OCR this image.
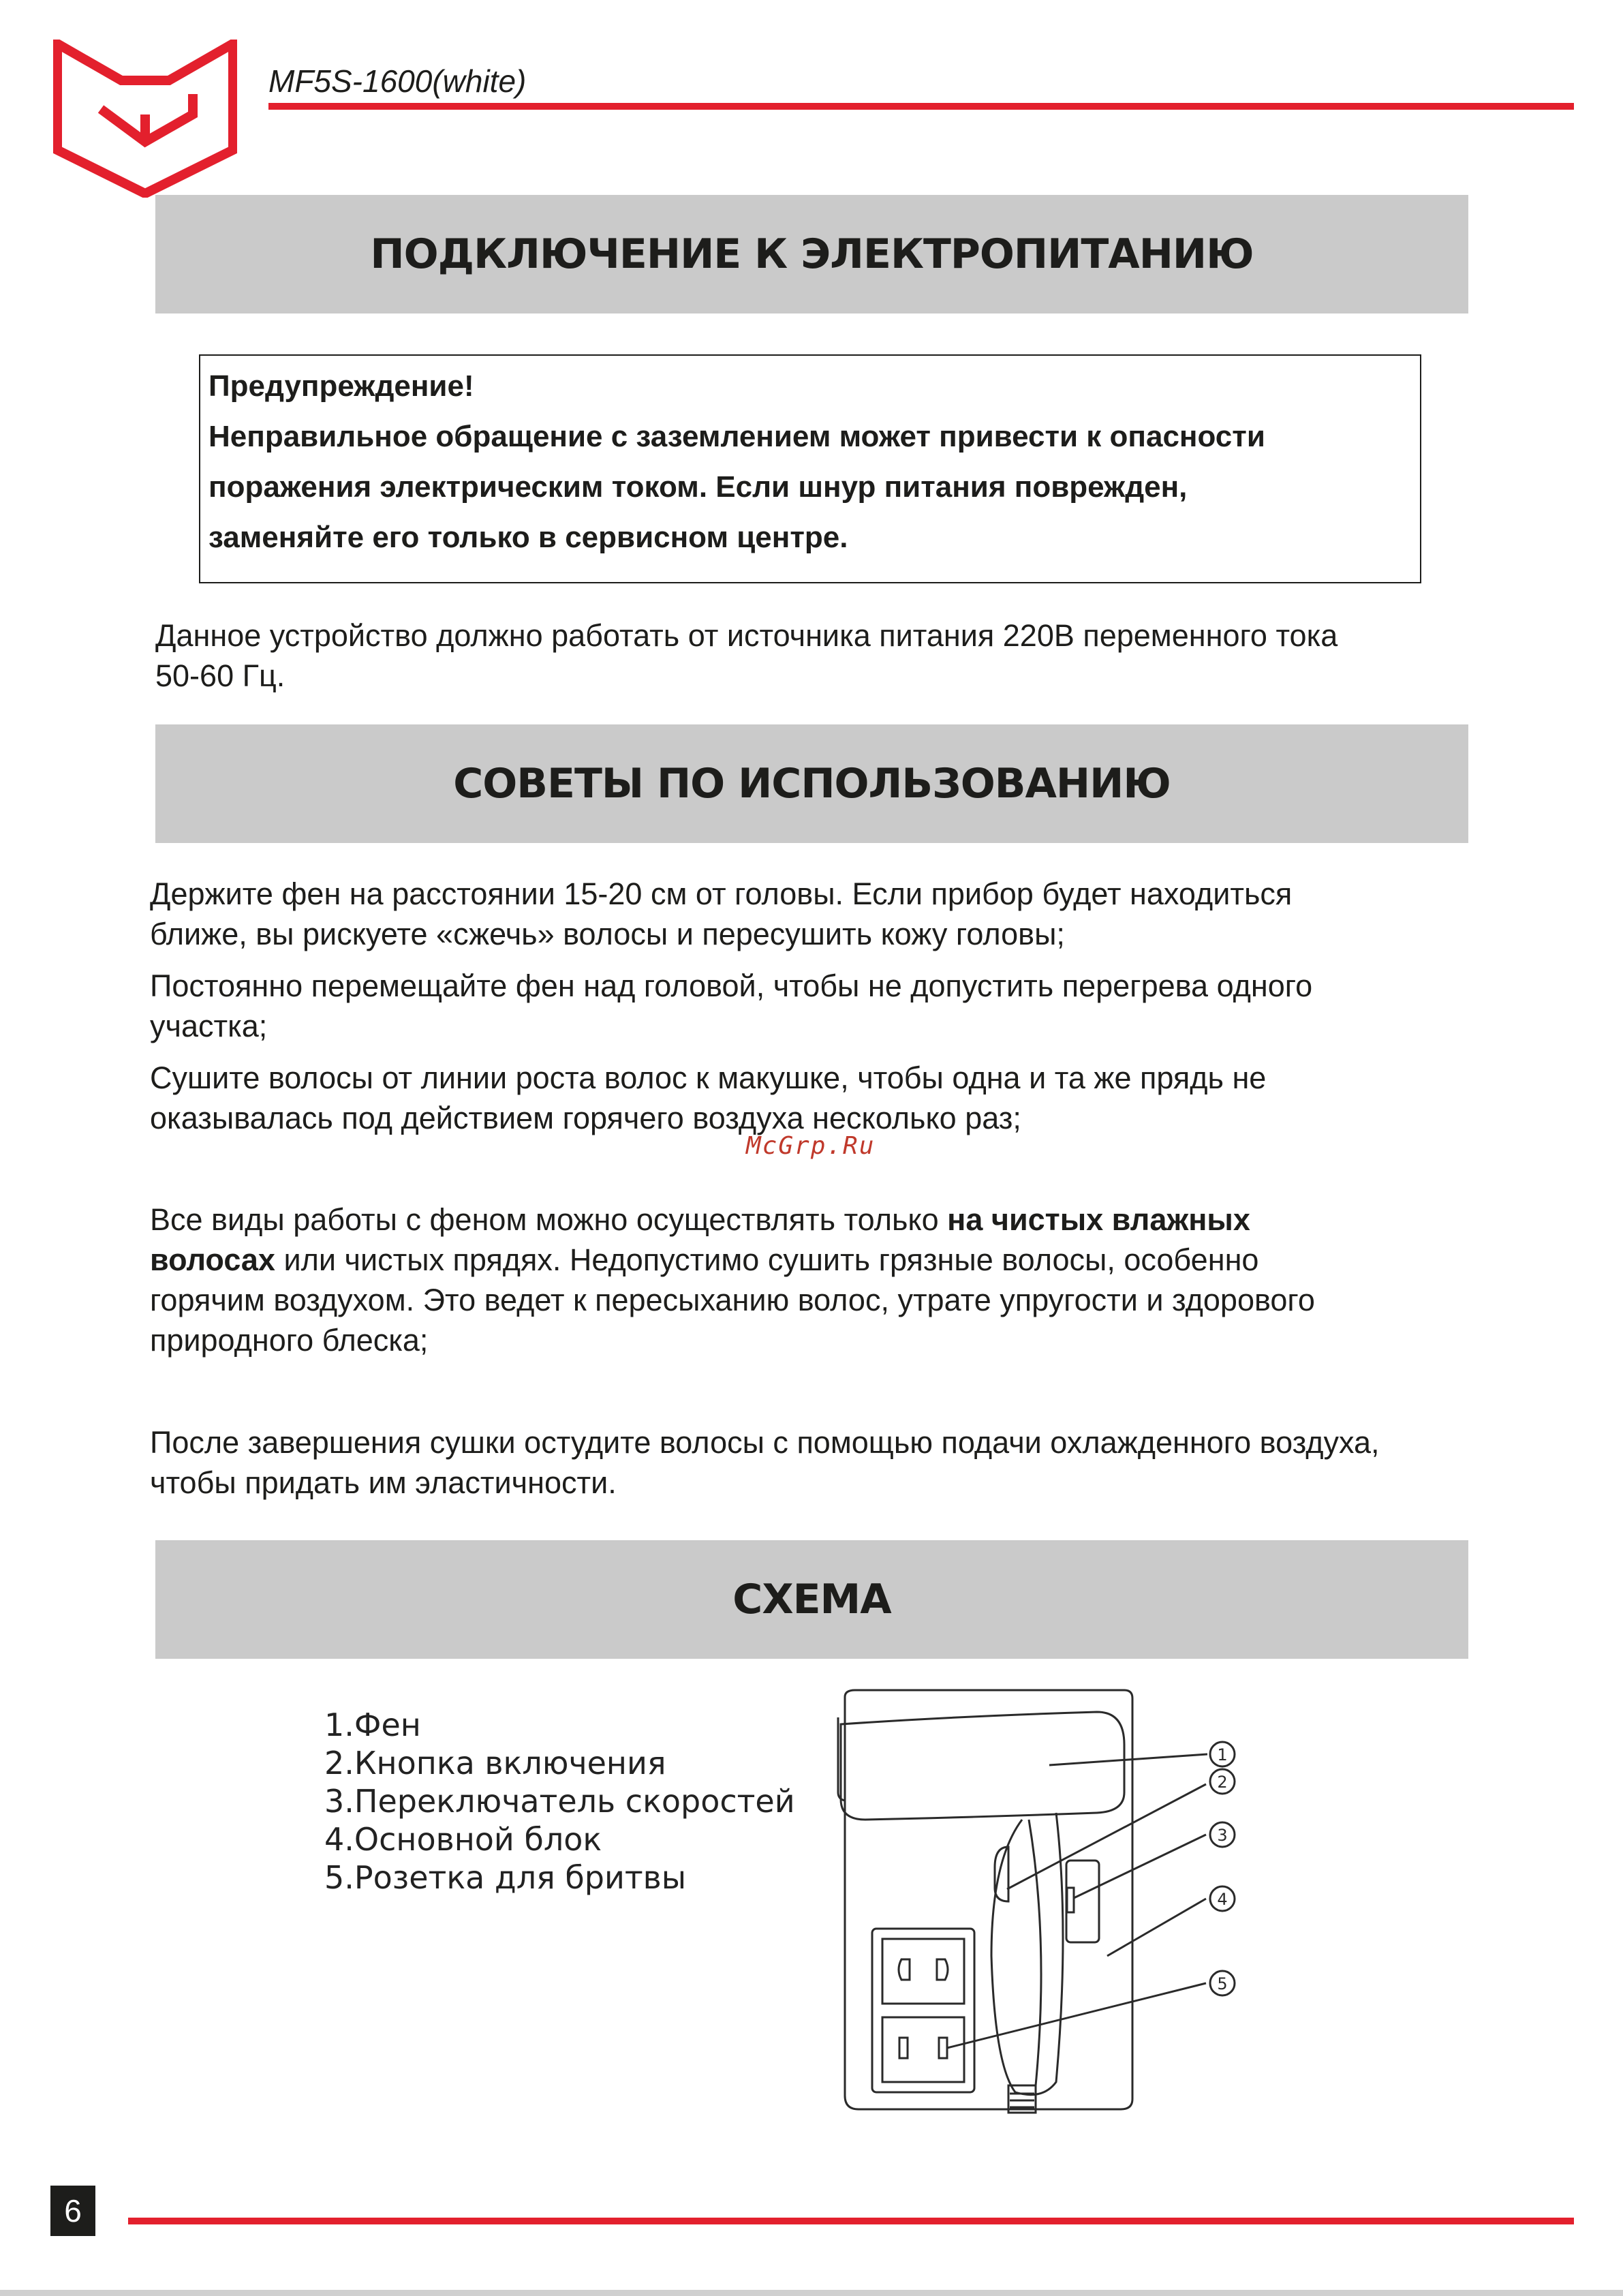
MF5S-1600(white)
ПОДКЛЮЧЕНИЕ К ЭЛЕКТРОПИТАНИЮ
Предупреждение!
Неправильное обращение с заземлением может привести к опасности
поражения электрическим током. Если шнур питания поврежден,
заменяйте его только в сервисном центре.
Данное устройство должно работать от источника питания 220В переменного тока
50-60 Гц.
СОВЕТЫ ПО ИСПОЛЬЗОВАНИЮ
Держите фен на расстоянии 15-20 см от головы. Если прибор будет находиться
ближе, вы рискуете «сжечь» волосы и пересушить кожу головы;
Постоянно перемещайте фен над головой, чтобы не допустить перегрева одного
участка;
Сушите волосы от линии роста волос к макушке, чтобы одна и та же прядь не
оказывалась под действием горячего воздуха несколько раз;
McGrp.Ru
Все виды работы с феном можно осуществлять только на чистых влажных
волосах или чистых прядях. Недопустимо сушить грязные волосы, особенно
горячим воздухом. Это ведет к пересыханию волос, утрате упругости и здорового
природного блеска;
После завершения сушки остудите волосы с помощью подачи охлажденного воздуха,
чтобы придать им эластичности.
СХЕМА
1.Фен
2.Кнопка включения
3.Переключатель скоростей
4.Основной блок
5.Розетка для бритвы
1
2
3
4
5
6
